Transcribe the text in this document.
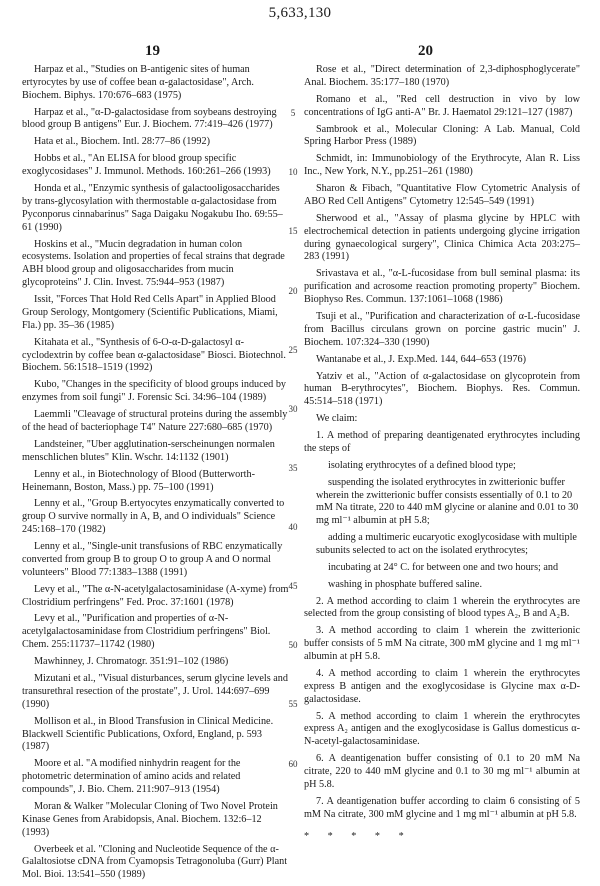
5,633,130
19	20

Harpaz et al., "Studies on B-antigenic sites of human ertyrocytes by use of coffee bean α-galactosidase", Arch. Biochem. Biphys. 170:676–683 (1975)

Harpaz et al., "α-D-galactosidase from soybeans destroying blood group B antigens" Eur. J. Biochem. 77:419–426 (1977)

Hata et al., Biochem. Intl. 28:77–86 (1992)

Hobbs et al., "An ELISA for blood group specific exoglycosidases" J. Immunol. Methods. 160:261–266 (1993)

Honda et al., "Enzymic synthesis of galactooligosaccharides by trans-glycosylation with thermostable α-galactosidase from Pyconporus cinnabarinus" Saga Daigaku Nogakubu Iho. 69:55–61 (1990)

Hoskins et al., "Mucin degradation in human colon ecosystems. Isolation and properties of fecal strains that degrade ABH blood group and oligosaccharides from mucin glycoproteins" J. Clin. Invest. 75:944–953 (1987)

Issit, "Forces That Hold Red Cells Apart" in Applied Blood Group Serology, Montgomery (Scientific Publications, Miami, Fla.) pp. 35–36 (1985)

Kitahata et al., "Synthesis of 6-O-α-D-galactosyl α-cyclodextrin by coffee bean α-galactosidase" Biosci. Biotechnol. Biochem. 56:1518–1519 (1992)

Kubo, "Changes in the specificity of blood groups induced by enzymes from soil fungi" J. Forensic Sci. 34:96–104 (1989)

Laemmli "Cleavage of structural proteins during the assembly of the head of bacteriophage T4" Nature 227:680–685 (1970)

Landsteiner, "Uber agglutination-serscheinungen normalen menschlichen blutes" Klin. Wschr. 14:1132 (1901)

Lenny et al., in Biotechnology of Blood (Butterworth-Heinemann, Boston, Mass.) pp. 75–100 (1991)

Lenny et al., "Group B.ertyocytes enzymatically converted to group O survive normally in A, B, and O individuals" Science 245:168–170 (1982)

Lenny et al., "Single-unit transfusions of RBC enzymatically converted from group B to group O to group A and O normal volunteers" Blood 77:1383–1388 (1991)

Levy et al., "The α-N-acetylgalactosaminidase (A-xyme) from Clostridium perfringens" Fed. Proc. 37:1601 (1978)

Levy et al., "Purification and properties of α-N-acetylgalactosaminidase from Clostridium perfringens" Biol. Chem. 255:11737–11742 (1980)

Mawhinney, J. Chromatogr. 351:91–102 (1986)

Mizutani et al., "Visual disturbances, serum glycine levels and transurethral resection of the prostate", J. Urol. 144:697–699 (1990)

Mollison et al., in Blood Transfusion in Clinical Medicine. Blackwell Scientific Publications, Oxford, England, p. 593 (1987)

Moore et al. "A modified ninhydrin reagent for the photometric determination of amino acids and related compounds", J. Bio. Chem. 211:907–913 (1954)

Moran & Walker "Molecular Cloning of Two Novel Protein Kinase Genes from Arabidopsis, Anal. Biochem. 132:6–12 (1993)

Overbeek et al. "Cloning and Nucleotide Sequence of the α-Galaltosiotse cDNA from Cyamopsis Tetragonoluba (Gurr) Plant Mol. Bioi. 13:541–550 (1989)

5
10
15
20
25
30
35
40
45
50
55
60

Rose et al., "Direct determination of 2,3-diphosphoglycerate" Anal. Biochem. 35:177–180 (1970)

Romano et al., "Red cell destruction in vivo by low concentrations of IgG anti-A" Br. J. Haematol 29:121–127 (1987)

Sambrook et al., Molecular Cloning: A Lab. Manual, Cold Spring Harbor Press (1989)

Schmidt, in: Immunobiology of the Erythrocyte, Alan R. Liss Inc., New York, N.Y., pp.251–261 (1980)

Sharon & Fibach, "Quantitative Flow Cytometric Analysis of ABO Red Cell Antigens" Cytometry 12:545–549 (1991)

Sherwood et al., "Assay of plasma glycine by HPLC with electrochemical detection in patients undergoing glycine irrigation during gynaecological surgery", Clinica Chimica Acta 203:275–283 (1991)

Srivastava et al., "α-L-fucosidase from bull seminal plasma: its purification and acrosome reaction promoting property" Biochem. Biophyso Res. Commun. 137:1061–1068 (1986)

Tsuji et al., "Purification and characterization of α-L-fucosidase from Bacillus circulans grown on porcine gastric mucin" J. Biochem. 107:324–330 (1990)

Wantanabe et al., J. Exp.Med. 144, 644–653 (1976)

Yatziv et al., "Action of α-galactosidase on glycoprotein from human B-erythrocytes", Biochem. Biophys. Res. Commun. 45:514–518 (1971)

We claim:

1. A method of preparing deantigenated erythrocytes including the steps of

isolating erythrocytes of a defined blood type;

suspending the isolated erythrocytes in zwitterionic buffer wherein the zwitterionic buffer consists essentially of 0.1 to 20 mM Na titrate, 220 to 440 mM glycine or alanine and 0.01 to 30 mg ml⁻¹ albumin at pH 5.8;

adding a multimeric eucaryotic exoglycosidase with multiple subunits selected to act on the isolated erythrocytes;

incubating at 24° C. for between one and two hours; and

washing in phosphate buffered saline.

2. A method according to claim 1 wherein the erythrocytes are selected from the group consisting of blood types A₂, B and A₂B.

3. A method according to claim 1 wherein the zwitterionic buffer consists of 5 mM Na citrate, 300 mM glycine and 1 mg ml⁻¹ albumin at pH 5.8.

4. A method according to claim 1 wherein the erythrocytes express B antigen and the exoglycosidase is Glycine max α-D-galactosidase.

5. A method according to claim 1 wherein the erythrocytes express A₂ antigen and the exoglycosidase is Gallus domesticus α-N-acetyl-galactosaminidase.

6. A deantigenation buffer consisting of 0.1 to 20 mM Na citrate, 220 to 440 mM glycine and 0.1 to 30 mg ml⁻¹ albumin at pH 5.8.

7. A deantigenation buffer according to claim 6 consisting of 5 mM Na citrate, 300 mM glycine and 1 mg ml⁻¹ albumin at pH 5.8.

* * * * *
